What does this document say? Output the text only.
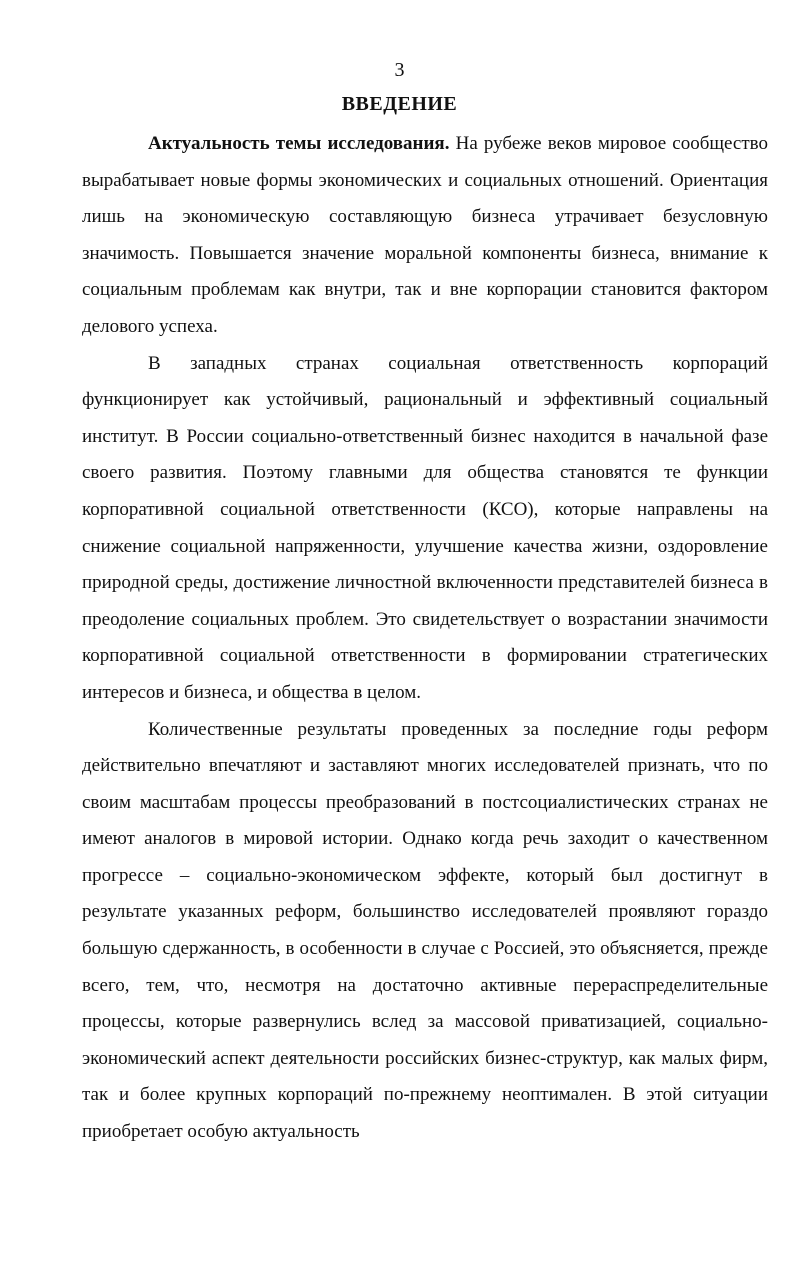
3
ВВЕДЕНИЕ

Актуальность темы исследования. На рубеже веков мировое сообщество вырабатывает новые формы экономических и социальных отношений. Ориентация лишь на экономическую составляющую бизнеса утрачивает безусловную значимость. Повышается значение моральной компоненты бизнеса, внимание к социальным проблемам как внутри, так и вне корпорации становится фактором делового успеха.

В западных странах социальная ответственность корпораций функционирует как устойчивый, рациональный и эффективный социальный институт. В России социально-ответственный бизнес находится в начальной фазе своего развития. Поэтому главными для общества становятся те функции корпоративной социальной ответственности (КСО), которые направлены на снижение социальной напряженности, улучшение качества жизни, оздоровление природной среды, достижение личностной включенности представителей бизнеса в преодоление социальных проблем. Это свидетельствует о возрастании значимости корпоративной социальной ответственности в формировании стратегических интересов и бизнеса, и общества в целом.

Количественные результаты проведенных за последние годы реформ действительно впечатляют и заставляют многих исследователей признать, что по своим масштабам процессы преобразований в постсоциалистических странах не имеют аналогов в мировой истории. Однако когда речь заходит о качественном прогрессе – социально-экономическом эффекте, который был достигнут в результате указанных реформ, большинство исследователей проявляют гораздо большую сдержанность, в особенности в случае с Россией, это объясняется, прежде всего, тем, что, несмотря на достаточно активные перераспределительные процессы, которые развернулись вслед за массовой приватизацией, социально-экономический аспект деятельности российских бизнес-структур, как малых фирм, так и более крупных корпораций по-прежнему неоптимален. В этой ситуации приобретает особую актуальность
